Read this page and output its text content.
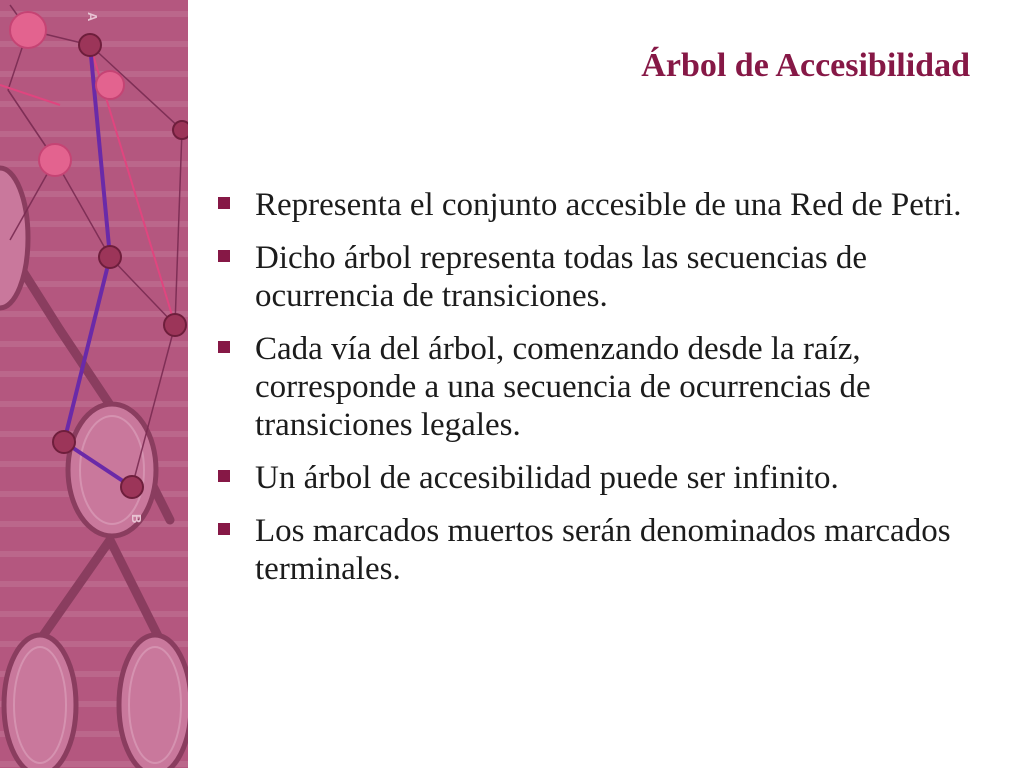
A
B
Árbol de Accesibilidad
Representa el conjunto accesible de una Red de Petri.
Dicho árbol representa todas las secuencias de ocurrencia de transiciones.
Cada vía del árbol, comenzando desde la raíz, corresponde a una secuencia de ocurrencias de transiciones legales.
Un árbol de accesibilidad puede ser infinito.
Los marcados muertos serán denominados marcados terminales.
